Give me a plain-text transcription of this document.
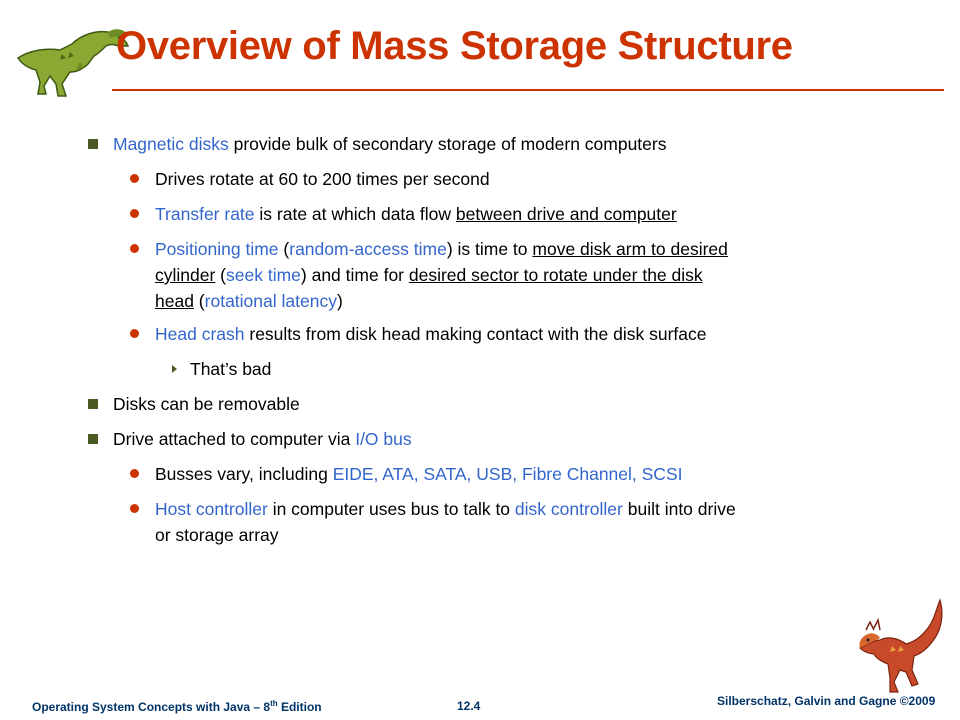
Overview of Mass Storage Structure
Magnetic disks provide bulk of secondary storage of modern computers
Drives rotate at 60 to 200 times per second
Transfer rate is rate at which data flow between drive and computer
Positioning time (random-access time) is time to move disk arm to desired
cylinder (seek time) and time for desired sector to rotate under the disk
head (rotational latency)
Head crash results from disk head making contact with the disk surface
That’s bad
Disks can be removable
Drive attached to computer via I/O bus
Busses vary, including EIDE, ATA, SATA, USB, Fibre Channel, SCSI
Host controller in computer uses bus to talk to disk controller built into drive
or storage array
Operating System Concepts with Java – 8th Edition	12.4	Silberschatz, Galvin and Gagne ©2009
